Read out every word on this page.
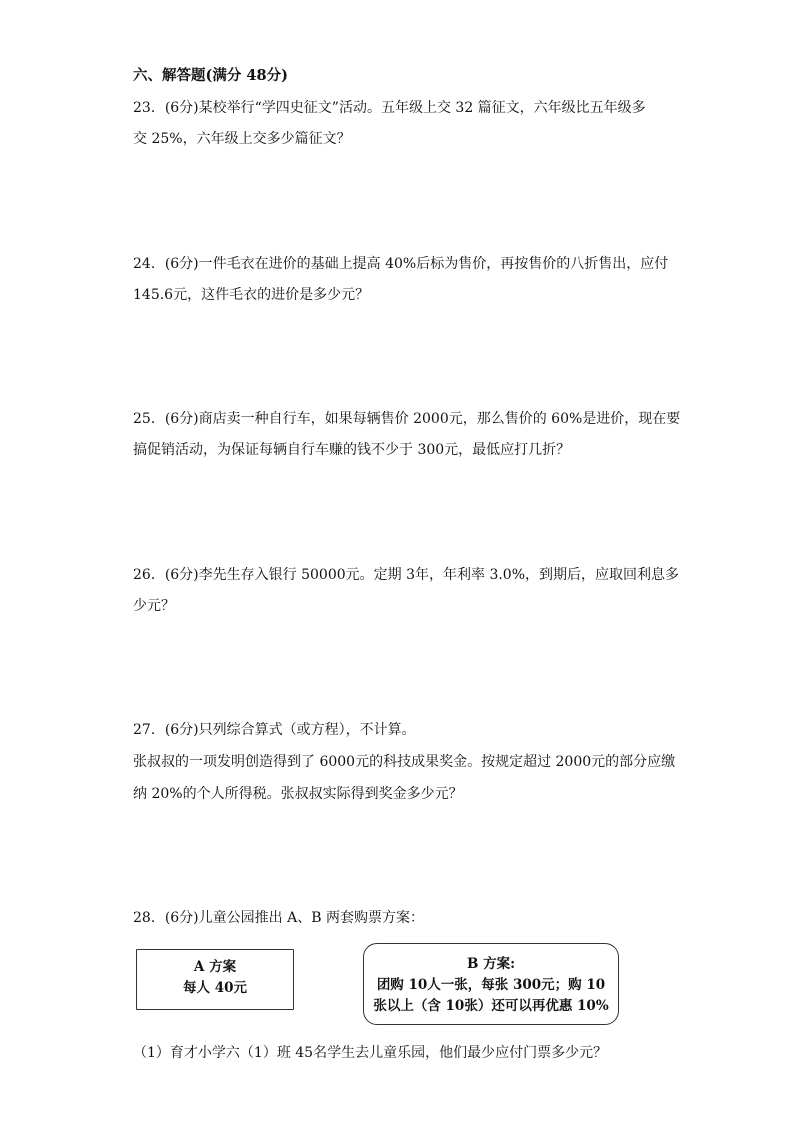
六、解答题(满分 48分)
23．(6分)某校举行“学四史征文”活动。五年级上交 32 篇征文，六年级比五年级多
交 25%，六年级上交多少篇征文？
24．(6分)一件毛衣在进价的基础上提高 40%后标为售价，再按售价的八折售出，应付
145.6元，这件毛衣的进价是多少元？
25．(6分)商店卖一种自行车，如果每辆售价 2000元，那么售价的 60%是进价，现在要
搞促销活动，为保证每辆自行车赚的钱不少于 300元，最低应打几折？
26．(6分)李先生存入银行 50000元。定期 3年，年利率 3.0%，到期后，应取回利息多
少元？
27．(6分)只列综合算式（或方程），不计算。
张叔叔的一项发明创造得到了 6000元的科技成果奖金。按规定超过 2000元的部分应缴
纳 20%的个人所得税。张叔叔实际得到奖金多少元？
28．(6分)儿童公园推出 A、B 两套购票方案：
A 方案
每人 40元
B 方案:
团购 10人一张，每张 300元；购 10
张以上（含 10张）还可以再优惠 10%
（1）育才小学六（1）班 45名学生去儿童乐园，他们最少应付门票多少元？
